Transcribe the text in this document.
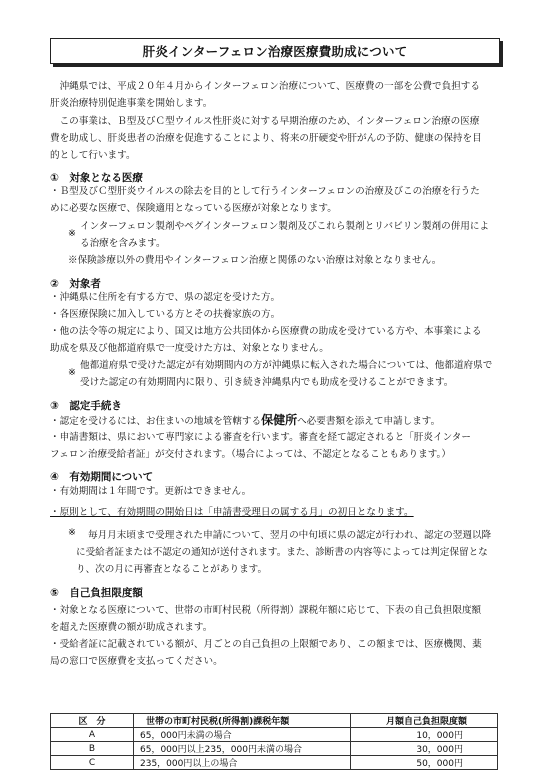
肝炎インターフェロン治療医療費助成について
　沖縄県では、平成２０年４月からインターフェロン治療について、医療費の一部を公費で負担する
肝炎治療特別促進事業を開始します。
　この事業は、Ｂ型及びＣ型ウイルス性肝炎に対する早期治療のため、インターフェロン治療の医療
費を助成し、肝炎患者の治療を促進することにより、将来の肝硬変や肝がんの予防、健康の保持を目
的として行います。
①　対象となる医療
・Ｂ型及びＣ型肝炎ウイルスの除去を目的として行うインターフェロンの治療及びこの治療を行うた
めに必要な医療で、保険適用となっている医療が対象となります。
※
インターフェロン製剤やペグインターフェロン製剤及びこれら製剤とリバビリン製剤の併用によ
る治療を含みます。
※保険診療以外の費用やインターフェロン治療と関係のない治療は対象となりません。
②　対象者
・沖縄県に住所を有する方で、県の認定を受けた方。
・各医療保険に加入している方とその扶養家族の方。
・他の法令等の規定により、国又は地方公共団体から医療費の助成を受けている方や、本事業による
助成を県及び他都道府県で一度受けた方は、対象となりません。
※
他都道府県で受けた認定が有効期間内の方が沖縄県に転入された場合については、他都道府県で
受けた認定の有効期間内に限り、引き続き沖縄県内でも助成を受けることができます。
③　認定手続き
・認定を受けるには、お住まいの地域を管轄する保健所へ必要書類を添えて申請します。
・申請書類は、県において専門家による審査を行います。審査を経て認定されると「肝炎インター
フェロン治療受給者証」が交付されます。（場合によっては、不認定となることもあります。）
④　有効期間について
・有効期間は１年間です。更新はできません。
・原則として、有効期間の開始日は「申請書受理日の属する月」の初日となります。
※ 毎月月末頃まで受理された申請について、翌月の中旬頃に県の認定が行われ、認定の翌週以降
に受給者証または不認定の通知が送付されます。また、診断書の内容等によっては判定保留とな
り、次の月に再審査となることがあります。
⑤　自己負担限度額
・対象となる医療について、世帯の市町村民税（所得割）課税年額に応じて、下表の自己負担限度額
を超えた医療費の額が助成されます。
・受給者証に記載されている額が、月ごとの自己負担の上限額であり、この額までは、医療機関、薬
局の窓口で医療費を支払ってください。
区　分	世帯の市町村民税(所得割)課税年額	月額自己負担限度額
A	65，000円未満の場合	10，000円
B	65，000円以上235，000円未満の場合	30，000円
C	235，000円以上の場合	50，000円
